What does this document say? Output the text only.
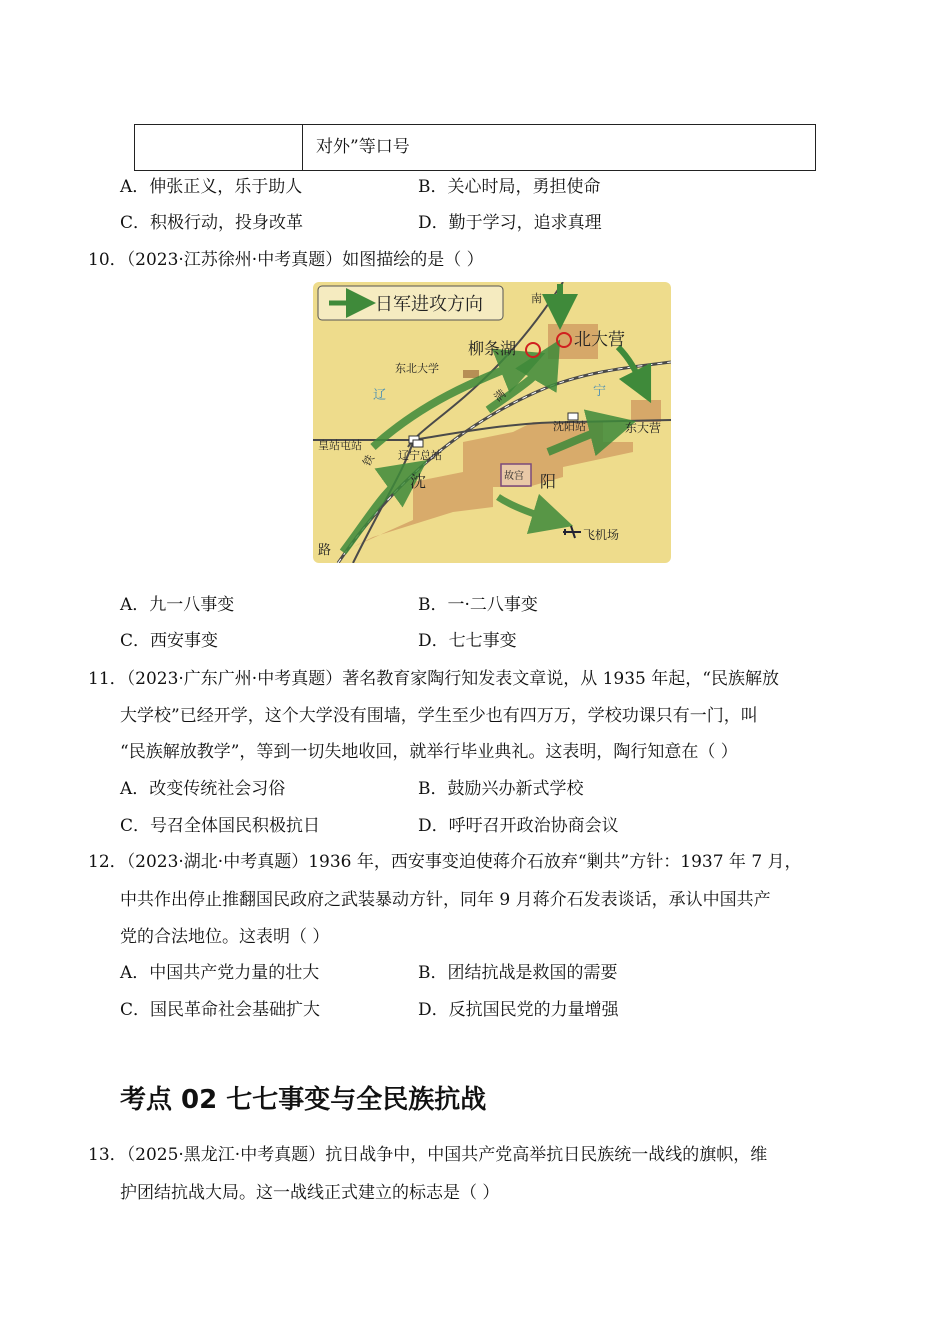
对外”等口号
A．伸张正义，乐于助人	B．关心时局，勇担使命
C．积极行动，投身改革	D．勤于学习，追求真理
10．（2023·江苏徐州·中考真题）如图描绘的是（ ）
日军进攻方向	南
北大营
柳条湖
东北大学
辽	宁
皇站屯站
辽宁总站
沈阳站	东大营
沈	阳
故宫
飞机场
路
满
铁
A．九一八事变	B．一·二八事变
C．西安事变	D．七七事变
11．（2023·广东广州·中考真题）著名教育家陶行知发表文章说，从 1935 年起，“民族解放
大学校”已经开学，这个大学没有围墙，学生至少也有四万万，学校功课只有一门，叫
“民族解放教学”，等到一切失地收回，就举行毕业典礼。这表明，陶行知意在（ ）
A．改变传统社会习俗	B．鼓励兴办新式学校
C．号召全体国民积极抗日	D．呼吁召开政治协商会议
12．（2023·湖北·中考真题）1936 年，西安事变迫使蒋介石放弃“剿共”方针：1937 年 7 月，
中共作出停止推翻国民政府之武装暴动方针，同年 9 月蒋介石发表谈话，承认中国共产
党的合法地位。这表明（ ）
A．中国共产党力量的壮大	B．团结抗战是救国的需要
C．国民革命社会基础扩大	D．反抗国民党的力量增强
考点 02 七七事变与全民族抗战
13．（2025·黑龙江·中考真题）抗日战争中，中国共产党高举抗日民族统一战线的旗帜，维
护团结抗战大局。这一战线正式建立的标志是（ ）
